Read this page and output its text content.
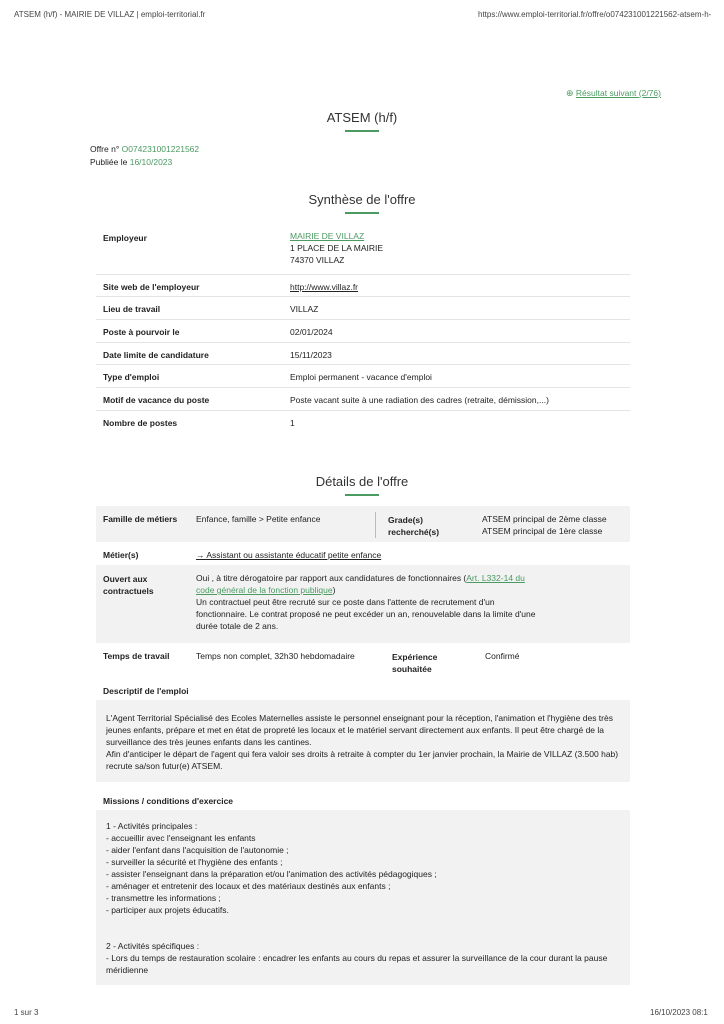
ATSEM (h/f) - MAIRIE DE VILLAZ | emploi-territorial.fr	https://www.emploi-territorial.fr/offre/o074231001221562-atsem-h-
⊕ Résultat suivant (2/76)
ATSEM (h/f)
Offre n° O074231001221562
Publiée le 16/10/2023
Synthèse de l'offre
Employeur	MAIRIE DE VILLAZ
1 PLACE DE LA MAIRIE
74370 VILLAZ
Site web de l'employeur	http://www.villaz.fr
Lieu de travail	VILLAZ
Poste à pourvoir le	02/01/2024
Date limite de candidature	15/11/2023
Type d'emploi	Emploi permanent - vacance d'emploi
Motif de vacance du poste	Poste vacant suite à une radiation des cadres (retraite, démission,...)
Nombre de postes	1
Détails de l'offre
Famille de métiers Enfance, famille > Petite enfance	Grade(s)
recherché(s)
ATSEM principal de 2ème classe
ATSEM principal de 1ère classe
Métier(s)	→ Assistant ou assistante éducatif petite enfance
Ouvert aux
contractuels
Oui , à titre dérogatoire par rapport aux candidatures de fonctionnaires (Art. L332-14 du
code général de la fonction publique)
Un contractuel peut être recruté sur ce poste dans l'attente de recrutement d'un
fonctionnaire. Le contrat proposé ne peut excéder un an, renouvelable dans la limite d'une
durée totale de 2 ans.
Temps de travail	Temps non complet, 32h30 hebdomadaire	Expérience
souhaitée
Confirmé
Descriptif de l'emploi
L'Agent Territorial Spécialisé des Ecoles Maternelles assiste le personnel enseignant pour la réception, l'animation et l'hygiène des très
jeunes enfants, prépare et met en état de propreté les locaux et le matériel servant directement aux enfants. Il peut être chargé de la
surveillance des très jeunes enfants dans les cantines.
Afin d'anticiper le départ de l'agent qui fera valoir ses droits à retraite à compter du 1er janvier prochain, la Mairie de VILLAZ (3.500 hab)
recrute sa/son futur(e) ATSEM.
Missions / conditions d'exercice
1 - Activités principales :
- accueillir avec l'enseignant les enfants
- aider l'enfant dans l'acquisition de l'autonomie ;
- surveiller la sécurité et l'hygiène des enfants ;
- assister l'enseignant dans la préparation et/ou l'animation des activités pédagogiques ;
- aménager et entretenir des locaux et des matériaux destinés aux enfants ;
- transmettre les informations ;
- participer aux projets éducatifs.
2 - Activités spécifiques :
- Lors du temps de restauration scolaire : encadrer les enfants au cours du repas et assurer la surveillance de la cour durant la pause
méridienne
1 sur 3	16/10/2023 08:1
